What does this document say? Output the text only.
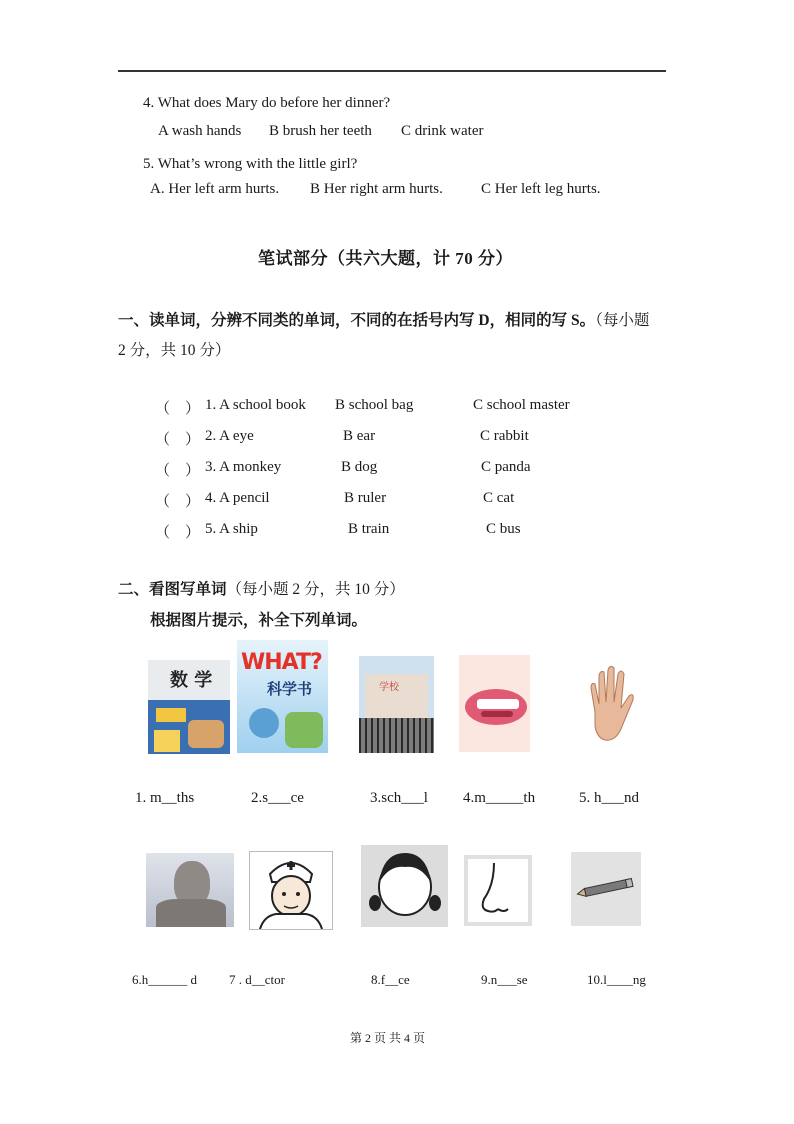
4. What does Mary do before her dinner?
A wash hands B brush her teeth C drink water
5. What’s wrong with the little girl?
A. Her left arm hurts. B Her right arm hurts.	C Her left leg hurts.
笔试部分（共六大题，计 70 分）
一、读单词，分辨不同类的单词，不同的在括号内写 D，相同的写 S。（每小题
2 分，共 10 分）
（　） 1. A school book B school bag	C school master
（　） 2. A eye	B ear	C rabbit
（　） 3. A monkey	B dog	C panda
（　） 4. A pencil	B ruler	C cat
（　） 5. A ship	B train	C bus
二、看图写单词（每小题 2 分，共 10 分）
根据图片提示，补全下列单词。
数 学
WHAT?
科学书	学校
1. m__ths	2.s___ce	3.sch___l 4.m_____th	5. h___nd
6.h______ d 7 . d__ctor	8.f__ce	9.n___se	10.l____ng
第 2 页 共 4 页
